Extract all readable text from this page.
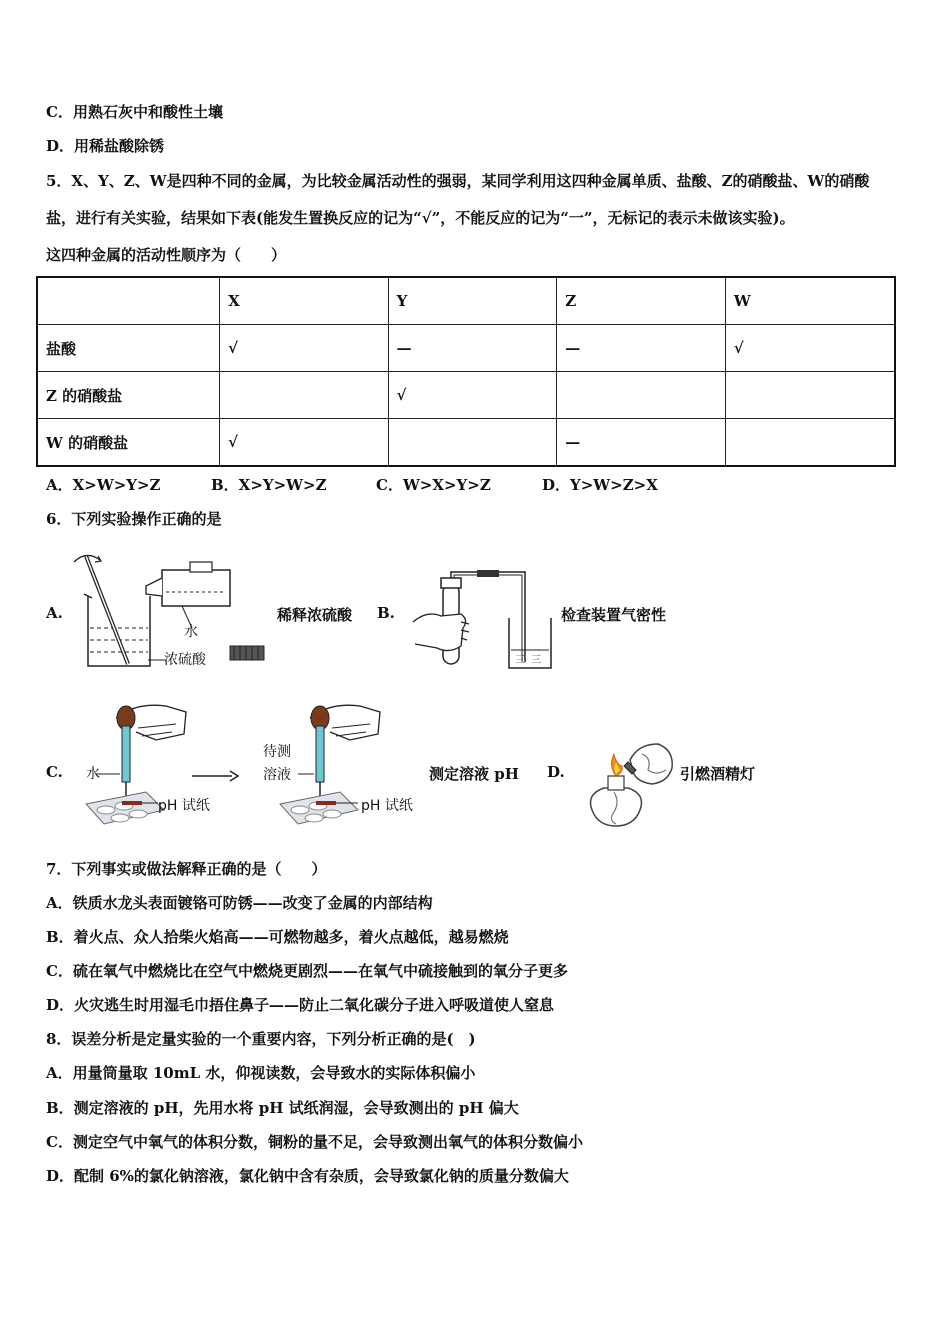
C．用熟石灰中和酸性土壤
D．用稀盐酸除锈
5．X、Y、Z、W是四种不同的金属，为比较金属活动性的强弱，某同学利用这四种金属单质、盐酸、Z的硝酸盐、W的硝酸
盐，进行有关实验，结果如下表(能发生置换反应的记为“√”，不能反应的记为“一”，无标记的表示未做该实验)。
这四种金属的活动性顺序为（　　）
	X	Y	Z	W
盐酸	√	—	—	√
Z 的硝酸盐		√		
W 的硝酸盐	√		—	
A．X>W>Y>Z	B．X>Y>W>Z	C．W>X>Y>Z	D．Y>W>Z>X
6．下列实验操作正确的是
A.
水
浓硫酸
稀释浓硫酸 B.
三 三
检查装置气密性
C. 水
pH 试纸
待测
溶液
pH 试纸
测定溶液 pH D.	引燃酒精灯
7．下列事实或做法解释正确的是（　　）
A．铁质水龙头表面镀铬可防锈——改变了金属的内部结构
B．着火点、众人拾柴火焰高——可燃物越多，着火点越低，越易燃烧
C．硫在氧气中燃烧比在空气中燃烧更剧烈——在氧气中硫接触到的氧分子更多
D．火灾逃生时用湿毛巾捂住鼻子——防止二氧化碳分子进入呼吸道使人窒息
8．误差分析是定量实验的一个重要内容，下列分析正确的是(　)
A．用量筒量取 10mL 水，仰视读数，会导致水的实际体积偏小
B．测定溶液的 pH，先用水将 pH 试纸润湿，会导致测出的 pH 偏大
C．测定空气中氧气的体积分数，铜粉的量不足，会导致测出氧气的体积分数偏小
D．配制 6%的氯化钠溶液，氯化钠中含有杂质，会导致氯化钠的质量分数偏大
